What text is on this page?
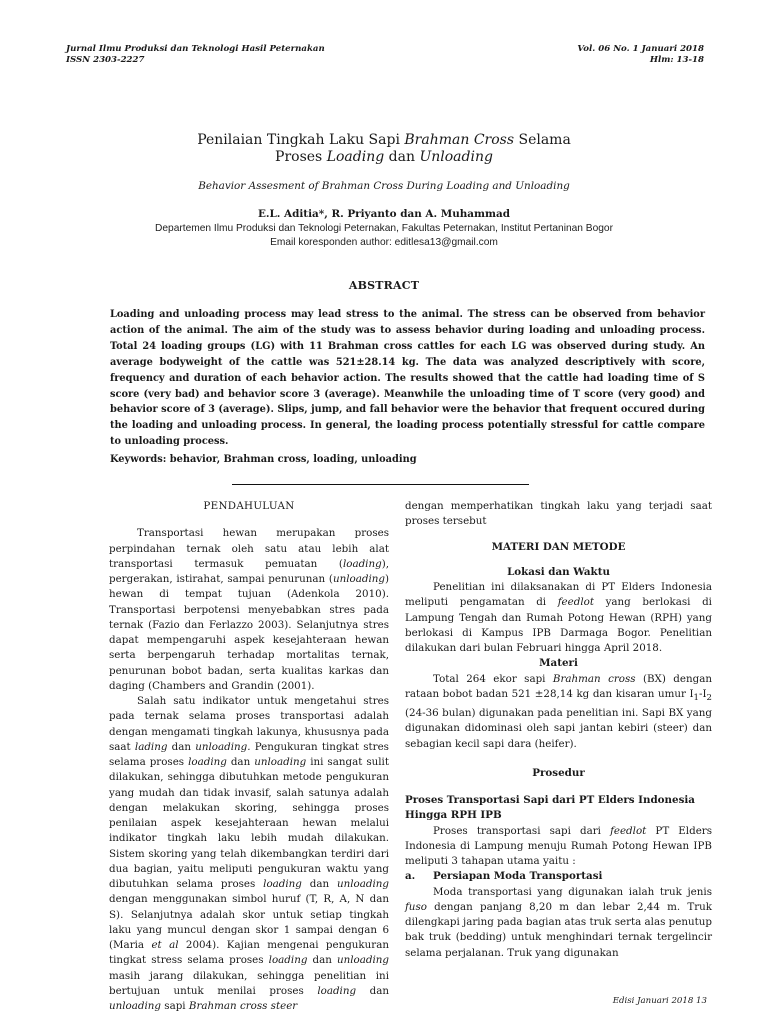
Jurnal Ilmu Produksi dan Teknologi Hasil Peternakan
ISSN 2303-2227
Vol. 06 No. 1 Januari 2018
Hlm: 13-18
Penilaian Tingkah Laku Sapi Brahman Cross Selama
Proses Loading dan Unloading
Behavior Assesment of Brahman Cross During Loading and Unloading
E.L. Aditia*, R. Priyanto dan A. Muhammad
Departemen Ilmu Produksi dan Teknologi Peternakan, Fakultas Peternakan, Institut Pertaninan Bogor
Email koresponden author: editlesa13@gmail.com
ABSTRACT
Loading and unloading process may lead stress to the animal. The stress can be observed from behavior action of the animal. The aim of the study was to assess behavior during loading and unloading process. Total 24 loading groups (LG) with 11 Brahman cross cattles for each LG was observed during study. An average bodyweight of the cattle was 521±28.14 kg. The data was analyzed descriptively with score, frequency and duration of each behavior action. The results showed that the cattle had loading time of S score (very bad) and behavior score 3 (average). Meanwhile the unloading time of T score (very good) and behavior score of 3 (average). Slips, jump, and fall behavior were the behavior that frequent occured during the loading and unloading process. In general, the loading process potentially stressful for cattle compare to unloading process.
Keywords: behavior, Brahman cross, loading, unloading

PENDAHULUAN

Transportasi hewan merupakan proses perpindahan ternak oleh satu atau lebih alat transportasi termasuk pemuatan (loading), pergerakan, istirahat, sampai penurunan (unloading) hewan di tempat tujuan (Adenkola 2010). Transportasi berpotensi menyebabkan stres pada ternak (Fazio dan Ferlazzo 2003). Selanjutnya stres dapat mempengaruhi aspek kesejahteraan hewan serta berpengaruh terhadap mortalitas ternak, penurunan bobot badan, serta kualitas karkas dan daging (Chambers and Grandin (2001).

Salah satu indikator untuk mengetahui stres pada ternak selama proses transportasi adalah dengan mengamati tingkah lakunya, khususnya pada saat lading dan unloading. Pengukuran tingkat stres selama proses loading dan unloading ini sangat sulit dilakukan, sehingga dibutuhkan metode pengukuran yang mudah dan tidak invasif, salah satunya adalah dengan melakukan skoring, sehingga proses penilaian aspek kesejahteraan hewan melalui indikator tingkah laku lebih mudah dilakukan. Sistem skoring yang telah dikembangkan terdiri dari dua bagian, yaitu meliputi pengukuran waktu yang dibutuhkan selama proses loading dan unloading dengan menggunakan simbol huruf (T, R, A, N dan S). Selanjutnya adalah skor untuk setiap tingkah laku yang muncul dengan skor 1 sampai dengan 6 (Maria et al 2004). Kajian mengenai pengukuran tingkat stress selama proses loading dan unloading masih jarang dilakukan, sehingga penelitian ini bertujuan untuk menilai proses loading dan unloading sapi Brahman cross steer

dengan memperhatikan tingkah laku yang terjadi saat proses tersebut

MATERI DAN METODE

Lokasi dan Waktu

Penelitian ini dilaksanakan di PT Elders Indonesia meliputi pengamatan di feedlot yang berlokasi di Lampung Tengah dan Rumah Potong Hewan (RPH) yang berlokasi di Kampus IPB Darmaga Bogor. Penelitian dilakukan dari bulan Februari hingga April 2018.

Materi

Total 264 ekor sapi Brahman cross (BX) dengan rataan bobot badan 521 ±28,14 kg dan kisaran umur $I_1-I_2$ (24-36 bulan) digunakan pada penelitian ini. Sapi BX yang digunakan didominasi oleh sapi jantan kebiri (steer) dan sebagian kecil sapi dara (heifer).

Prosedur

Proses Transportasi Sapi dari PT Elders Indonesia Hingga RPH IPB

Proses transportasi sapi dari feedlot PT Elders Indonesia di Lampung menuju Rumah Potong Hewan IPB meliputi 3 tahapan utama yaitu :

a.	Persiapan Moda Transportasi

Moda transportasi yang digunakan ialah truk jenis fuso dengan panjang 8,20 m dan lebar 2,44 m. Truk dilengkapi jaring pada bagian atas truk serta alas penutup bak truk (bedding) untuk menghindari ternak tergelincir selama perjalanan. Truk yang digunakan

Edisi Januari 2018 13
